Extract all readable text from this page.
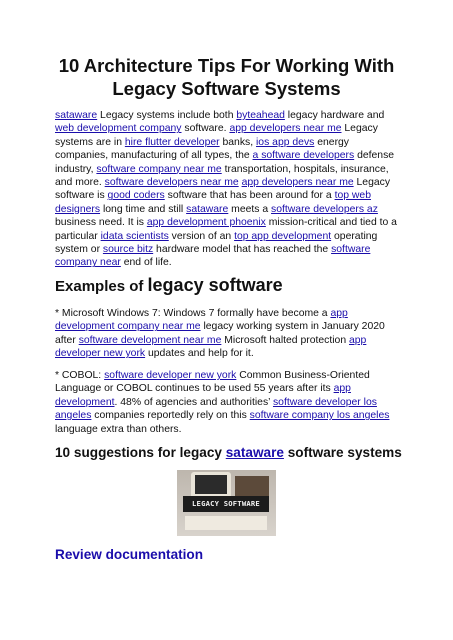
10 Architecture Tips For Working With Legacy Software Systems

sataware Legacy systems include both byteahead legacy hardware and web development company software. app developers near me Legacy systems are in hire flutter developer banks, ios app devs energy companies, manufacturing of all types, the a software developers defense industry, software company near me transportation, hospitals, insurance, and more. software developers near me app developers near me Legacy software is good coders software that has been around for a top web designers long time and still sataware meets a software developers az business need. It is app development phoenix mission-critical and tied to a particular idata scientists version of an top app development operating system or source bitz hardware model that has reached the software company near end of life.

Examples of legacy software

* Microsoft Windows 7: Windows 7 formally have become a app development company near me legacy working system in January 2020 after software development near me Microsoft halted protection app developer new york updates and help for it.

* COBOL: software developer new york Common Business-Oriented Language or COBOL continues to be used 55 years after its app development. 48% of agencies and authorities’ software developer los angeles companies reportedly rely on this software company los angeles language extra than others.

10 suggestions for legacy sataware software systems
LEGACY SOFTWARE
Review documentation
